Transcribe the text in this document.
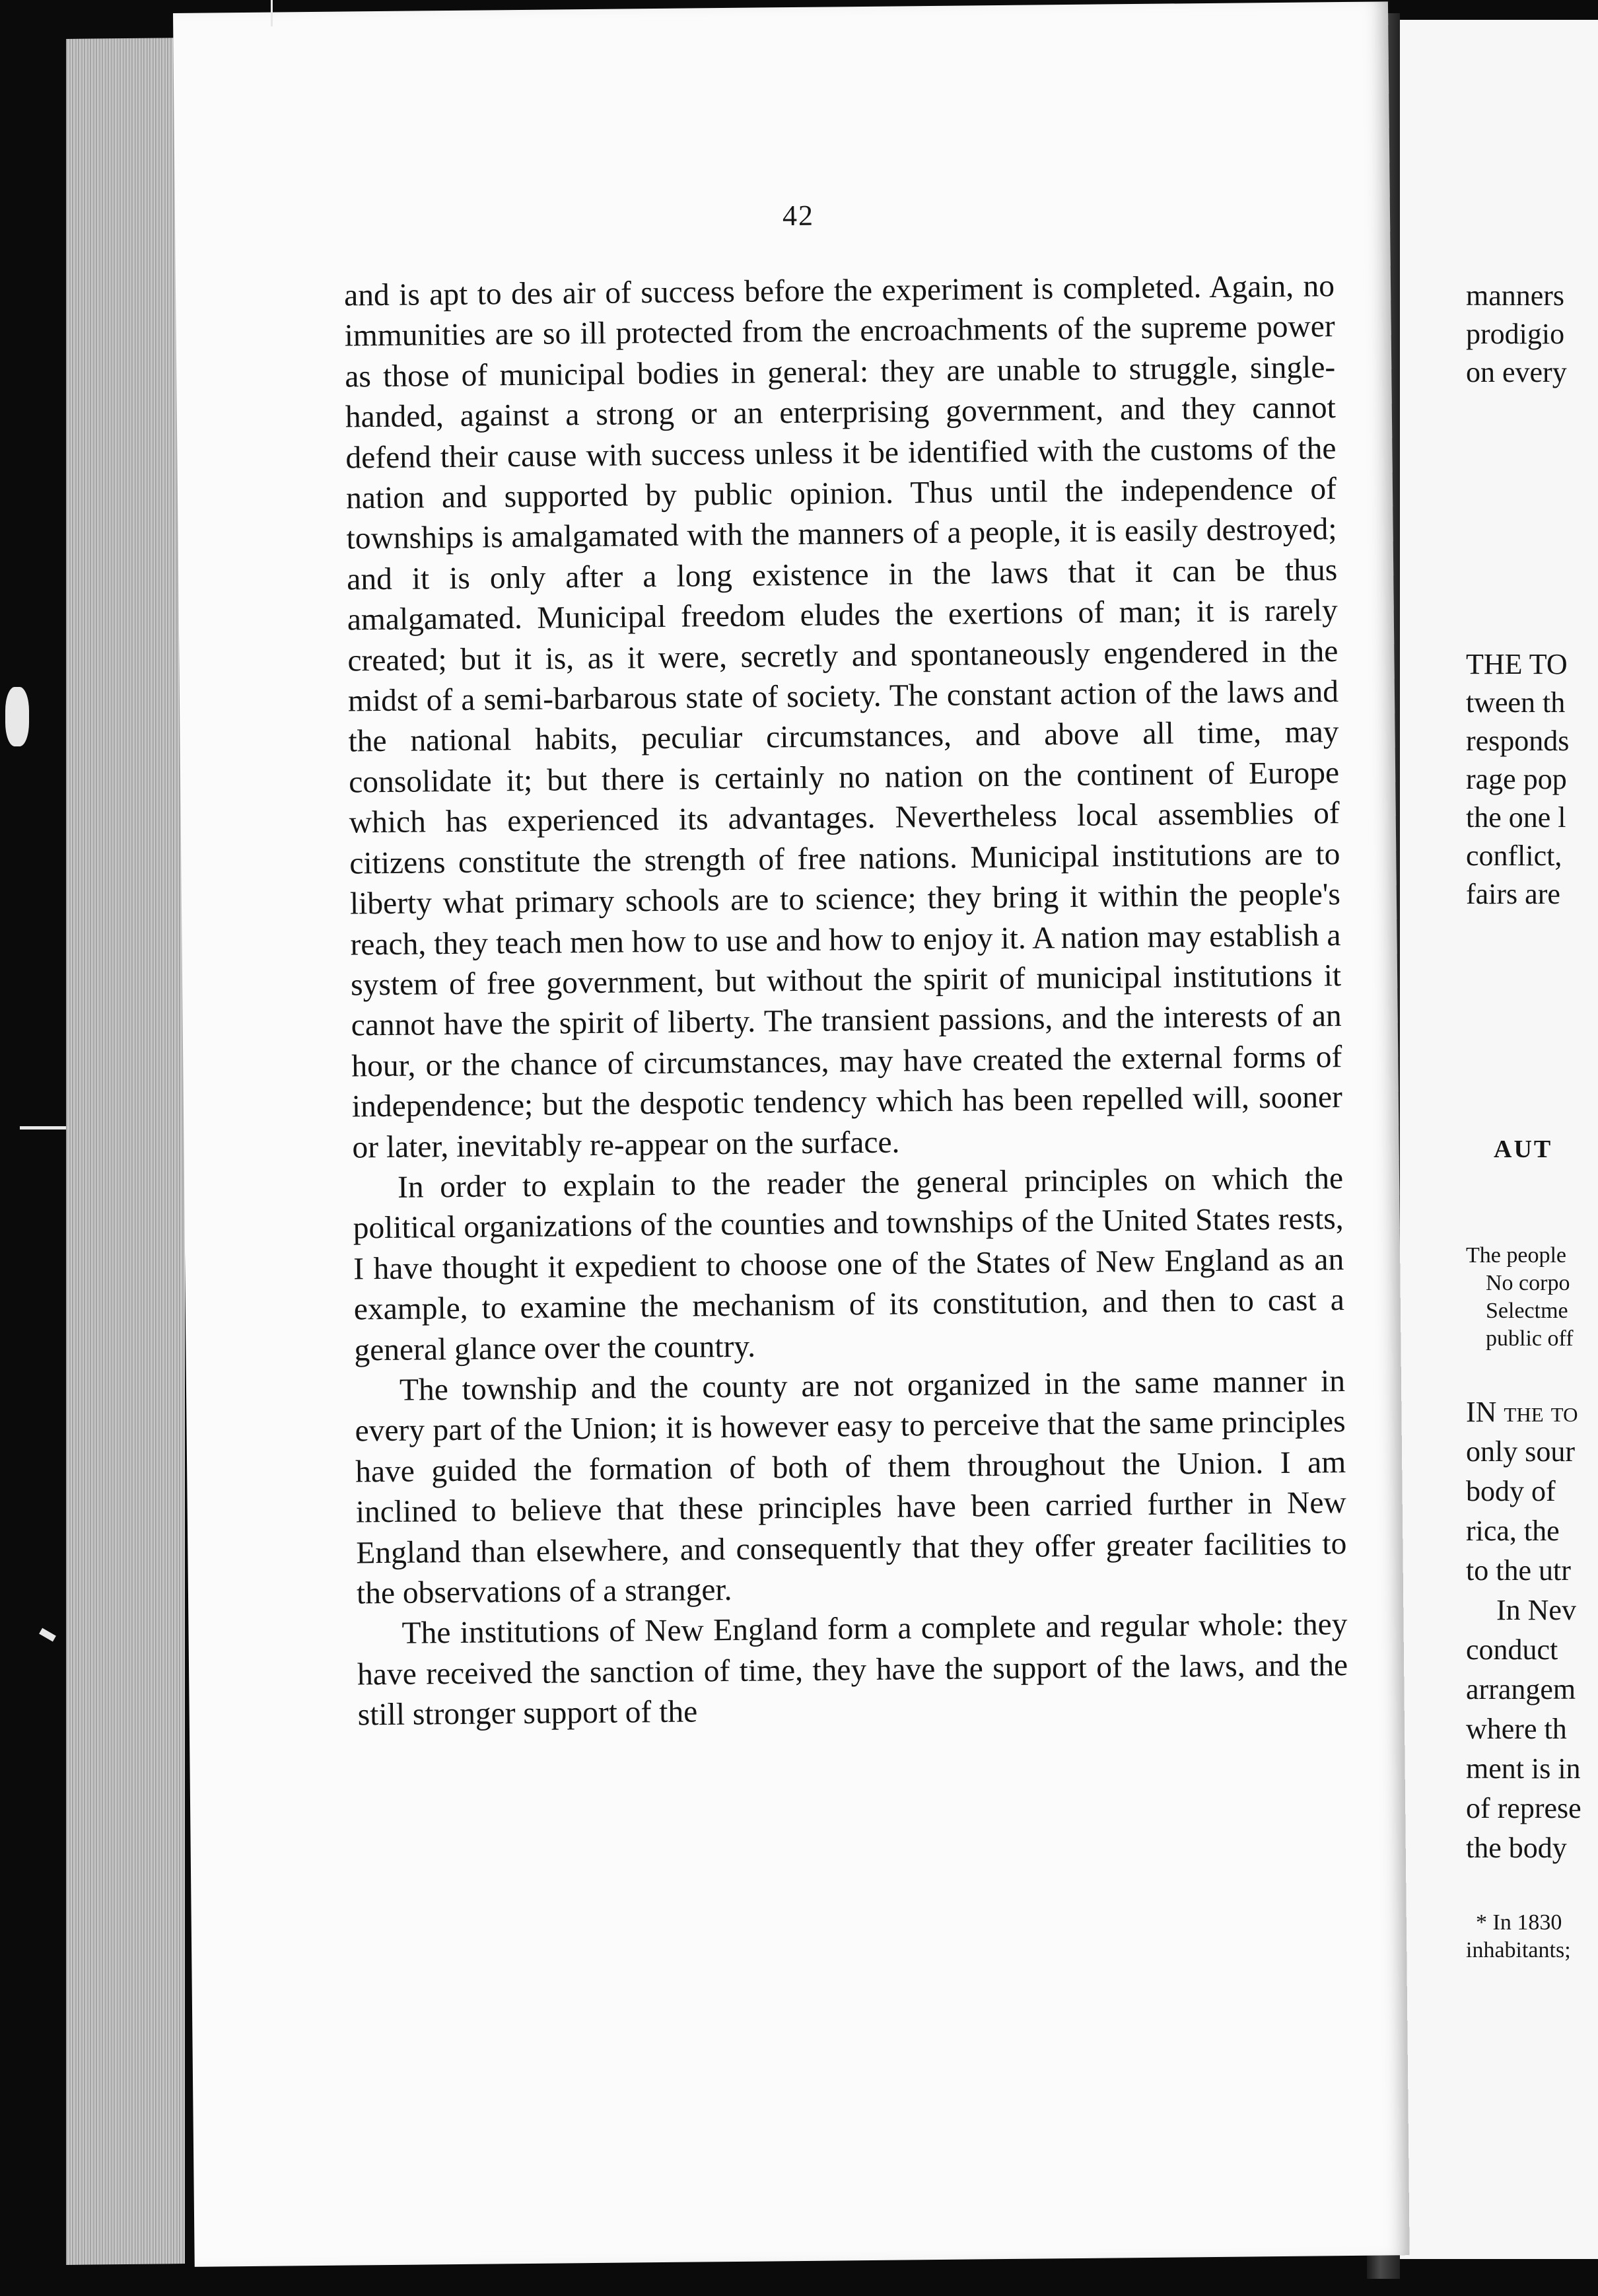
42

and is apt to des air of success before the experiment is completed. Again, no immunities are so ill protected from the encroachments of the supreme power as those of municipal bodies in general: they are unable to struggle, single-handed, against a strong or an enterprising government, and they cannot defend their cause with success unless it be identified with the customs of the nation and supported by public opinion. Thus until the independence of townships is amalgamated with the manners of a people, it is easily destroyed; and it is only after a long existence in the laws that it can be thus amalgamated. Municipal freedom eludes the exertions of man; it is rarely created; but it is, as it were, secretly and spontaneously engendered in the midst of a semi-barbarous state of society. The constant action of the laws and the national habits, peculiar circumstances, and above all time, may consolidate it; but there is certainly no nation on the continent of Europe which has experienced its advantages. Nevertheless local assemblies of citizens constitute the strength of free nations. Municipal institutions are to liberty what primary schools are to science; they bring it within the people's reach, they teach men how to use and how to enjoy it. A nation may establish a system of free government, but without the spirit of municipal institutions it cannot have the spirit of liberty. The transient passions, and the interests of an hour, or the chance of circumstances, may have created the external forms of independence; but the despotic tendency which has been repelled will, sooner or later, inevitably re-appear on the surface.

In order to explain to the reader the general principles on which the political organizations of the counties and townships of the United States rests, I have thought it expedient to choose one of the States of New England as an example, to examine the mechanism of its constitution, and then to cast a general glance over the country.

The township and the county are not organized in the same manner in every part of the Union; it is however easy to perceive that the same principles have guided the formation of both of them throughout the Union. I am inclined to believe that these principles have been carried further in New England than elsewhere, and consequently that they offer greater facilities to the observations of a stranger.

The institutions of New England form a complete and regular whole: they have received the sanction of time, they have the support of the laws, and the still stronger support of the

manners
prodigio
on every
THE TO
tween th
responds
rage pop
the one l
conflict,
fairs are
AUT
The people
No corpo
Selectme
public off
IN the to
only sour
body of
rica, the
to the utr
In Nev
conduct
arrangem
where th
ment is in
of represe
the body
* In 1830
inhabitants;
